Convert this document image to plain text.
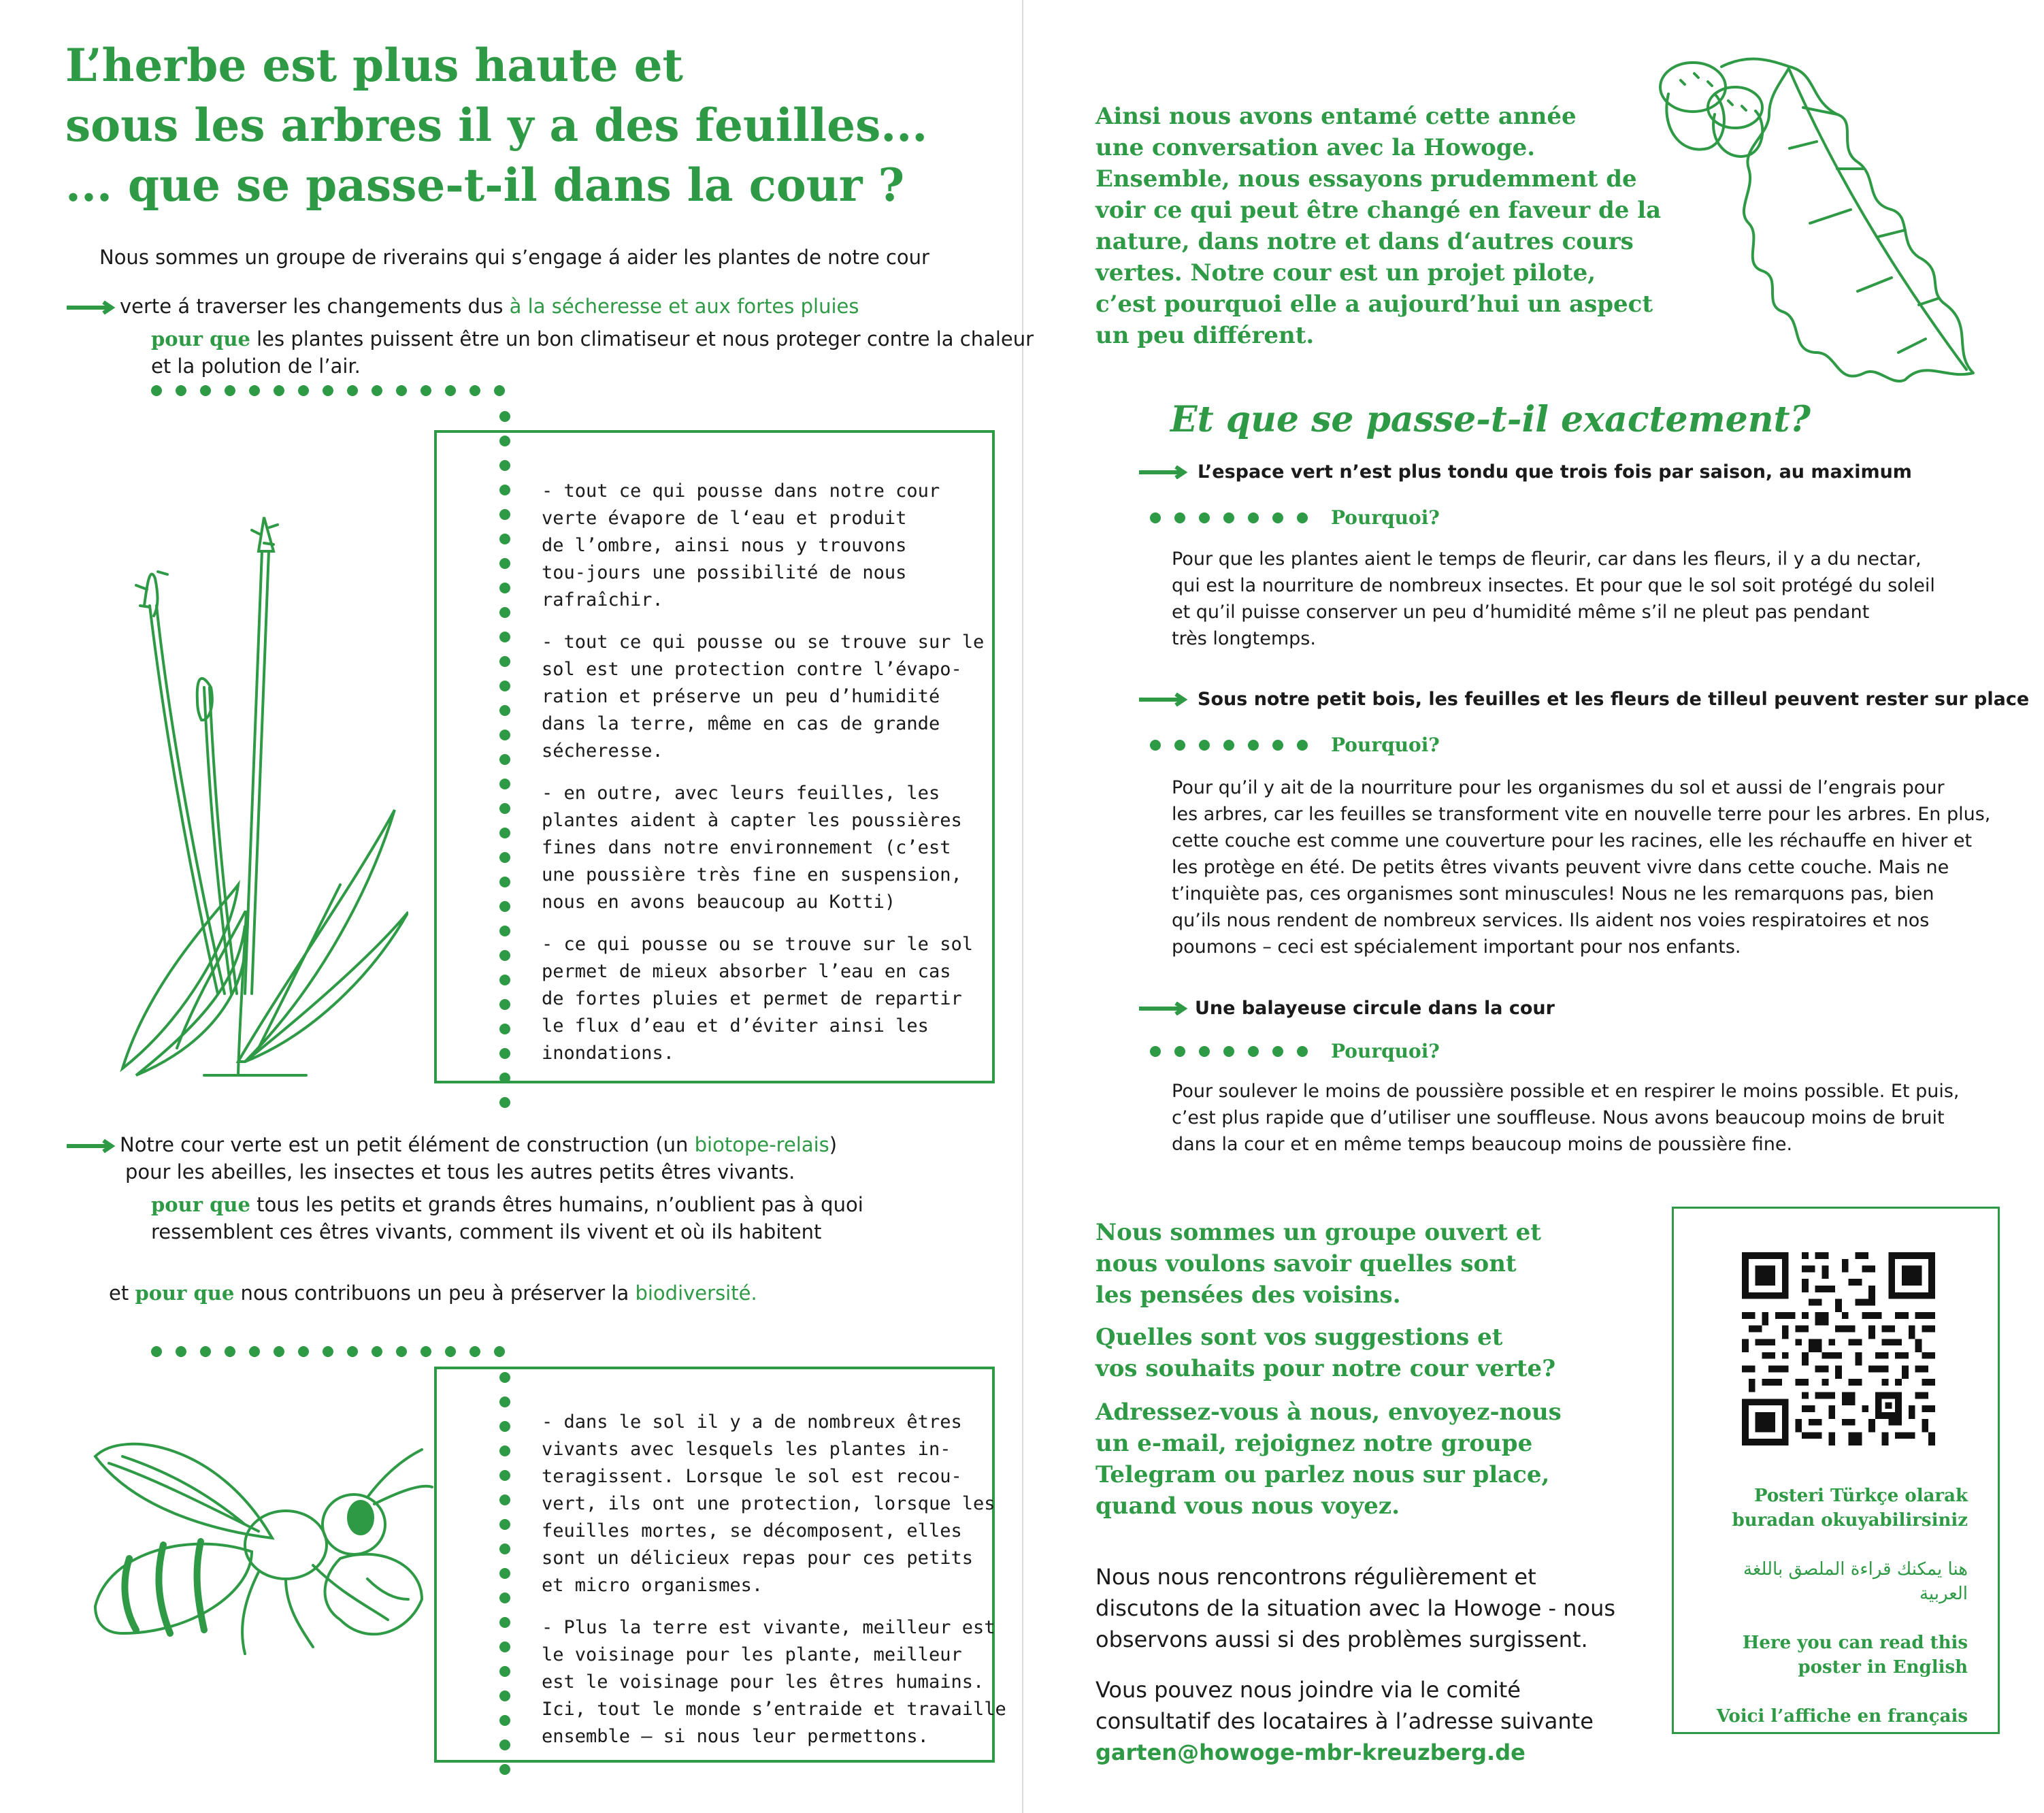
L’herbe est plus haute et
sous les arbres il y a des feuilles...
... que se passe-t-il dans la cour ?
Nous sommes un groupe de riverains qui s’engage á aider les plantes de notre cour
verte á traverser les changements dus à la sécheresse et aux fortes pluies
pour que les plantes puissent être un bon climatiseur et nous proteger contre la chaleur
et la polution de l’air.

- tout ce qui pousse dans notre cour
verte évapore de l‘eau et produit
de l’ombre, ainsi nous y trouvons
tou-jours une possibilité de nous
rafraîchir.

- tout ce qui pousse ou se trouve sur le
sol est une protection contre l’évapo-
ration et préserve un peu d’humidité
dans la terre, même en cas de grande
sécheresse.

- en outre, avec leurs feuilles, les
plantes aident à capter les poussières
fines dans notre environnement (c’est
une poussière très fine en suspension,
nous en avons beaucoup au Kotti)

- ce qui pousse ou se trouve sur le sol
permet de mieux absorber l’eau en cas
de fortes pluies et permet de repartir
le flux d’eau et d’éviter ainsi les
inondations.

Notre cour verte est un petit élément de construction (un biotope-relais)
pour les abeilles, les insectes et tous les autres petits êtres vivants.
pour que tous les petits et grands êtres humains, n’oublient pas à quoi
ressemblent ces êtres vivants, comment ils vivent et où ils habitent
et pour que nous contribuons un peu à préserver la biodiversité.

- dans le sol il y a de nombreux êtres
vivants avec lesquels les plantes in-
teragissent. Lorsque le sol est recou-
vert, ils ont une protection, lorsque les
feuilles mortes, se décomposent, elles
sont un délicieux repas pour ces petits
et micro organismes.

- Plus la terre est vivante, meilleur est
le voisinage pour les plante, meilleur
est le voisinage pour les êtres humains.
Ici, tout le monde s’entraide et travaille
ensemble – si nous leur permettons.

Ainsi nous avons entamé cette année
une conversation avec la Howoge.
Ensemble, nous essayons prudemment de
voir ce qui peut être changé en faveur de la
nature, dans notre et dans d‘autres cours
vertes. Notre cour est un projet pilote,
c’est pourquoi elle a aujourd’hui un aspect
un peu différent.
Et que se passe-t-il exactement?
L’espace vert n’est plus tondu que trois fois par saison, au maximum
Pourquoi?
Pour que les plantes aient le temps de fleurir, car dans les fleurs, il y a du nectar,
qui est la nourriture de nombreux insectes. Et pour que le sol soit protégé du soleil
et qu’il puisse conserver un peu d’humidité même s’il ne pleut pas pendant
très longtemps.
Sous notre petit bois, les feuilles et les fleurs de tilleul peuvent rester sur place
Pourquoi?
Pour qu’il y ait de la nourriture pour les organismes du sol et aussi de l’engrais pour
les arbres, car les feuilles se transforment vite en nouvelle terre pour les arbres. En plus,
cette couche est comme une couverture pour les racines, elle les réchauffe en hiver et
les protège en été. De petits êtres vivants peuvent vivre dans cette couche. Mais ne
t’inquiète pas, ces organismes sont minuscules! Nous ne les remarquons pas, bien
qu’ils nous rendent de nombreux services. Ils aident nos voies respiratoires et nos
poumons – ceci est spécialement important pour nos enfants.
Une balayeuse circule dans la cour
Pourquoi?
Pour soulever le moins de poussière possible et en respirer le moins possible. Et puis,
c’est plus rapide que d’utiliser une souffleuse. Nous avons beaucoup moins de bruit
dans la cour et en même temps beaucoup moins de poussière fine.
Nous sommes un groupe ouvert et
nous voulons savoir quelles sont
les pensées des voisins.
Quelles sont vos suggestions et
vos souhaits pour notre cour verte?
Adressez-vous à nous, envoyez-nous
un e-mail, rejoignez notre groupe
Telegram ou parlez nous sur place,
quand vous nous voyez.
Nous nous rencontrons régulièrement et
discutons de la situation avec la Howoge - nous
observons aussi si des problèmes surgissent.
Vous pouvez nous joindre via le comité
consultatif des locataires à l’adresse suivante
garten@howoge-mbr-kreuzberg.de
Posteri Türkçe olarak
buradan okuyabilirsiniz
هنا يمكنك قراءة الملصق باللغة
العربية
Here you can read this
poster in English
Voici l’affiche en français
